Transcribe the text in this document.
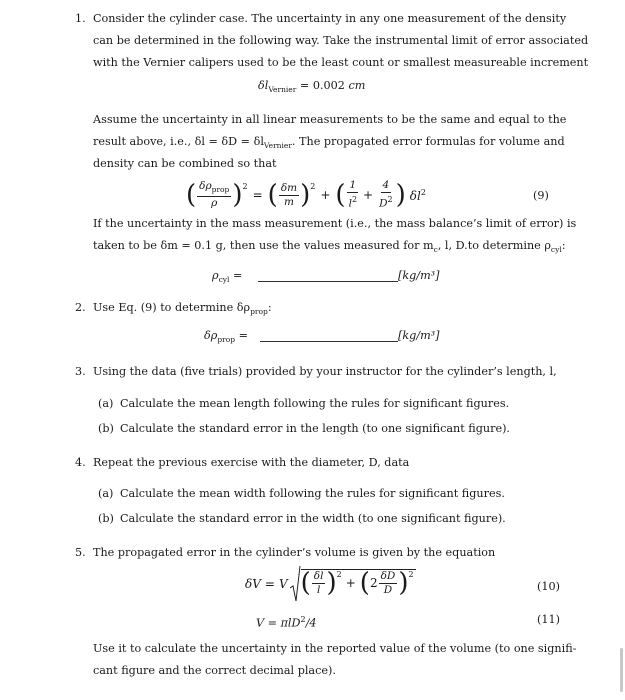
1. Consider the cylinder case. The uncertainty in any one measurement of the density
can be determined in the following way. Take the instrumental limit of error associated
with the Vernier calipers used to be the least count or smallest measureable increment
$\delta l_{Vernier} = 0.002$ cm
Assume the uncertainty in all linear measurements to be the same and equal to the
result above, i.e., $\delta l = \delta D = \delta l_{Vernier}$. The propagated error formulas for volume and
density can be combined so that
( $\frac{\delta\rho_{prop}}{\rho}$ ) 2
= ( $\frac{\delta m}{m}$ ) 2
+ ( $\frac{1}{l^2} + \frac{4}{D^2}$ ) $\delta l^2$	(9)
If the uncertainty in the mass measurement (i.e., the mass balance’s limit of error) is
taken to be δm = 0.1 g, then use the values measured for $m_c$, l, D.to determine $\rho_{cyl}$:
$\rho_{cyl}$ =	[kg/m³]
2. Use Eq. (9) to determine $\delta\rho_{prop}$:
$\delta\rho_{prop}$ =	[kg/m³]
3. Using the data (five trials) provided by your instructor for the cylinder’s length, l,
(a) Calculate the mean length following the rules for significant figures.
(b) Calculate the standard error in the length (to one significant figure).
4. Repeat the previous exercise with the diameter, D, data
(a) Calculate the mean width following the rules for significant figures.
(b) Calculate the standard error in the width (to one significant figure).
5. The propagated error in the cylinder’s volume is given by the equation
δV = V ( $\frac{\delta l}{l}$ ) 2
+ ( $2 \frac{\delta D}{D}$ ) 2
(10)
V = πlD$^2$/4	(11)
Use it to calculate the uncertainty in the reported value of the volume (to one signifi-
cant figure and the correct decimal place).
